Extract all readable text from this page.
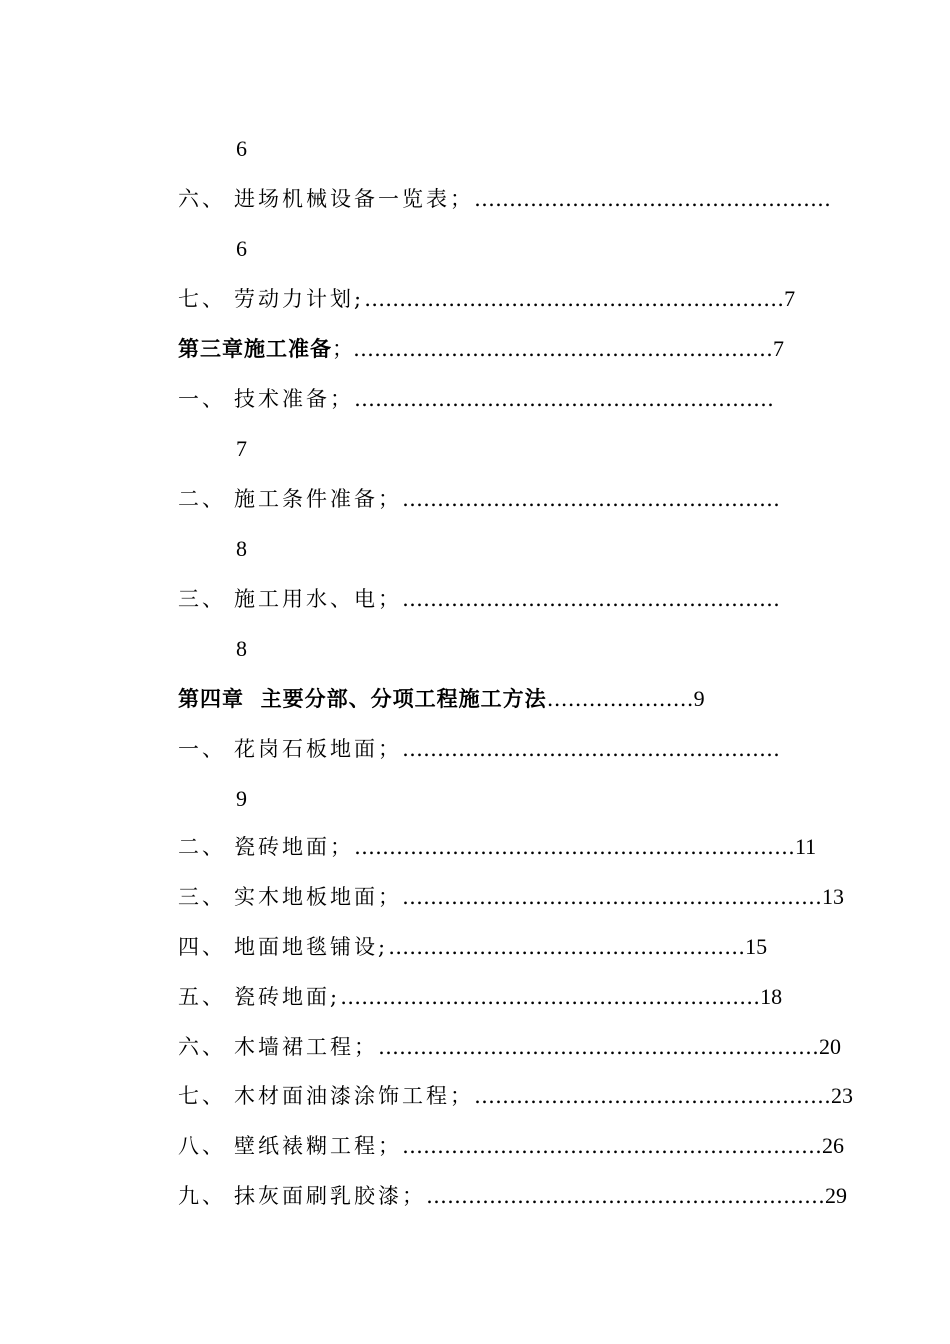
6
六、 进场机械设备一览表；……………………………………………
6
七、 劳动力计划;……………………………………………………7
第三章施工准备；……………………………………………………7
一、 技术准备；……………………………………………………
7
二、 施工条件准备；………………………………………………
8
三、 施工用水、电；………………………………………………
8
第四章  主要分部、分项工程施工方法…………………9
一、 花岗石板地面；………………………………………………
9
二、 瓷砖地面；………………………………………………………11
三、 实木地板地面；……………………………………………………13
四、 地面地毯铺设;……………………………………………15
五、 瓷砖地面;……………………………………………………18
六、 木墙裙工程；………………………………………………………20
七、 木材面油漆涂饰工程；……………………………………………23
八、 壁纸裱糊工程；……………………………………………………26
九、 抹灰面刷乳胶漆；…………………………………………………29
